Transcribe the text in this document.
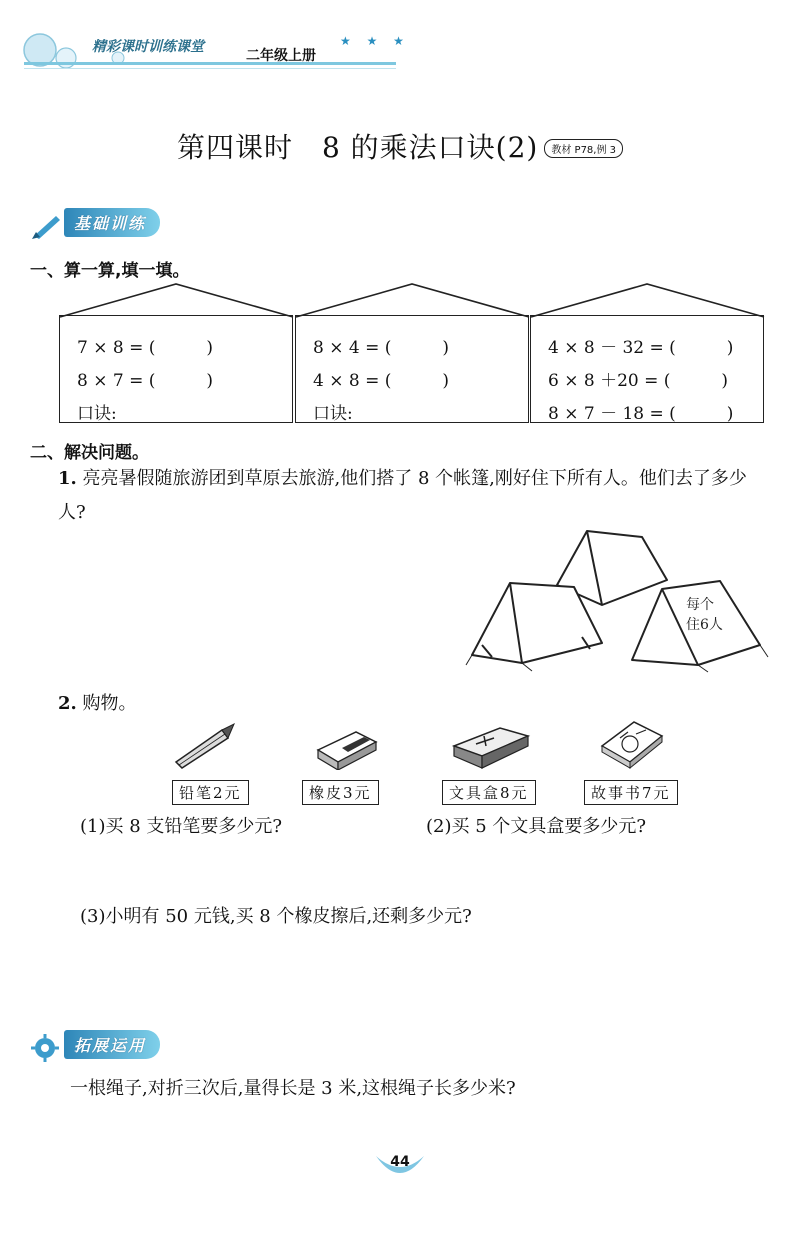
精彩课时训练课堂
二年级上册
★ ★ ★
第四课时　8 的乘法口诀(2) 教材 P78,例 3
基础训练
一、算一算,填一填。
7 × 8 = (　　　)
8 × 7 = (　　　)
口诀:
8 × 4 = (　　　)
4 × 8 = (　　　)
口诀:
4 × 8 － 32 = (　　　)
6 × 8 ＋20 = (　　　)
8 × 7 － 18 = (　　　)
二、解决问题。
1. 亮亮暑假随旅游团到草原去旅游,他们搭了 8 个帐篷,刚好住下所有人。他们去了多少人?
每个
住6人
2. 购物。
铅笔2元	橡皮3元	文具盒8元	故事书7元
(1)买 8 支铅笔要多少元?	(2)买 5 个文具盒要多少元?
(3)小明有 50 元钱,买 8 个橡皮擦后,还剩多少元?
拓展运用
一根绳子,对折三次后,量得长是 3 米,这根绳子长多少米?
44
